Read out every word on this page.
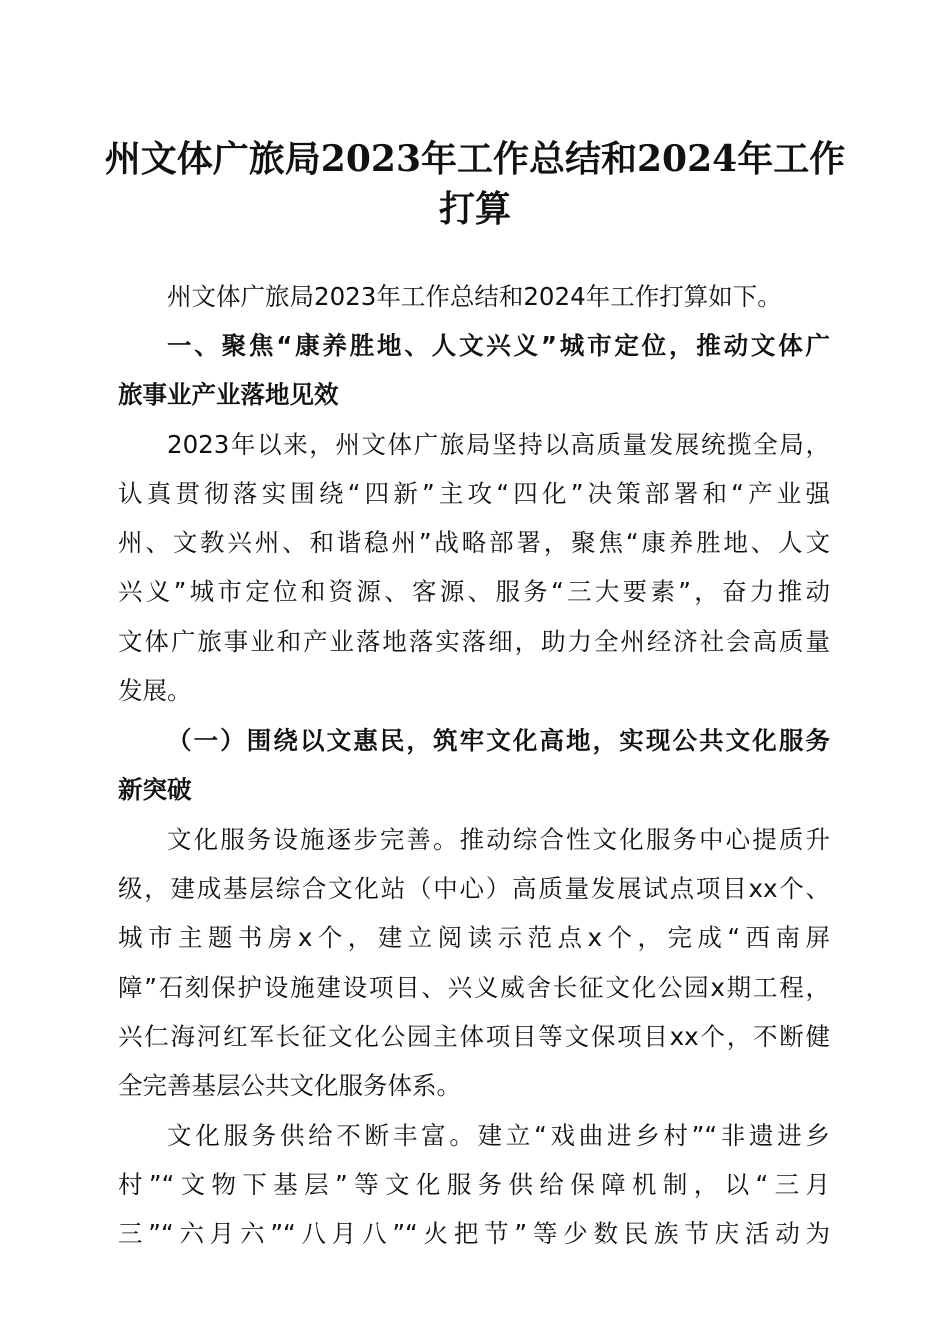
州文体广旅局2023年工作总结和2024年工作
打算

州文体广旅局2023年工作总结和2024年工作打算如下。

一、聚焦“康养胜地、人文兴义”城市定位，推动文体广

旅事业产业落地见效

2023年以来，州文体广旅局坚持以高质量发展统揽全局，

认真贯彻落实围绕“四新”主攻“四化”决策部署和“产业强

州、文教兴州、和谐稳州”战略部署，聚焦“康养胜地、人文

兴义”城市定位和资源、客源、服务“三大要素”，奋力推动

文体广旅事业和产业落地落实落细，助力全州经济社会高质量

发展。

（一）围绕以文惠民，筑牢文化高地，实现公共文化服务

新突破

文化服务设施逐步完善。推动综合性文化服务中心提质升

级，建成基层综合文化站（中心）高质量发展试点项目xx个、

城市主题书房x个，建立阅读示范点x个，完成“西南屏

障”石刻保护设施建设项目、兴义威舍长征文化公园x期工程，

兴仁海河红军长征文化公园主体项目等文保项目xx个，不断健

全完善基层公共文化服务体系。

文化服务供给不断丰富。建立“戏曲进乡村”“非遗进乡

村”“文物下基层”等文化服务供给保障机制，以“三月

三”“六月六”“八月八”“火把节”等少数民族节庆活动为
